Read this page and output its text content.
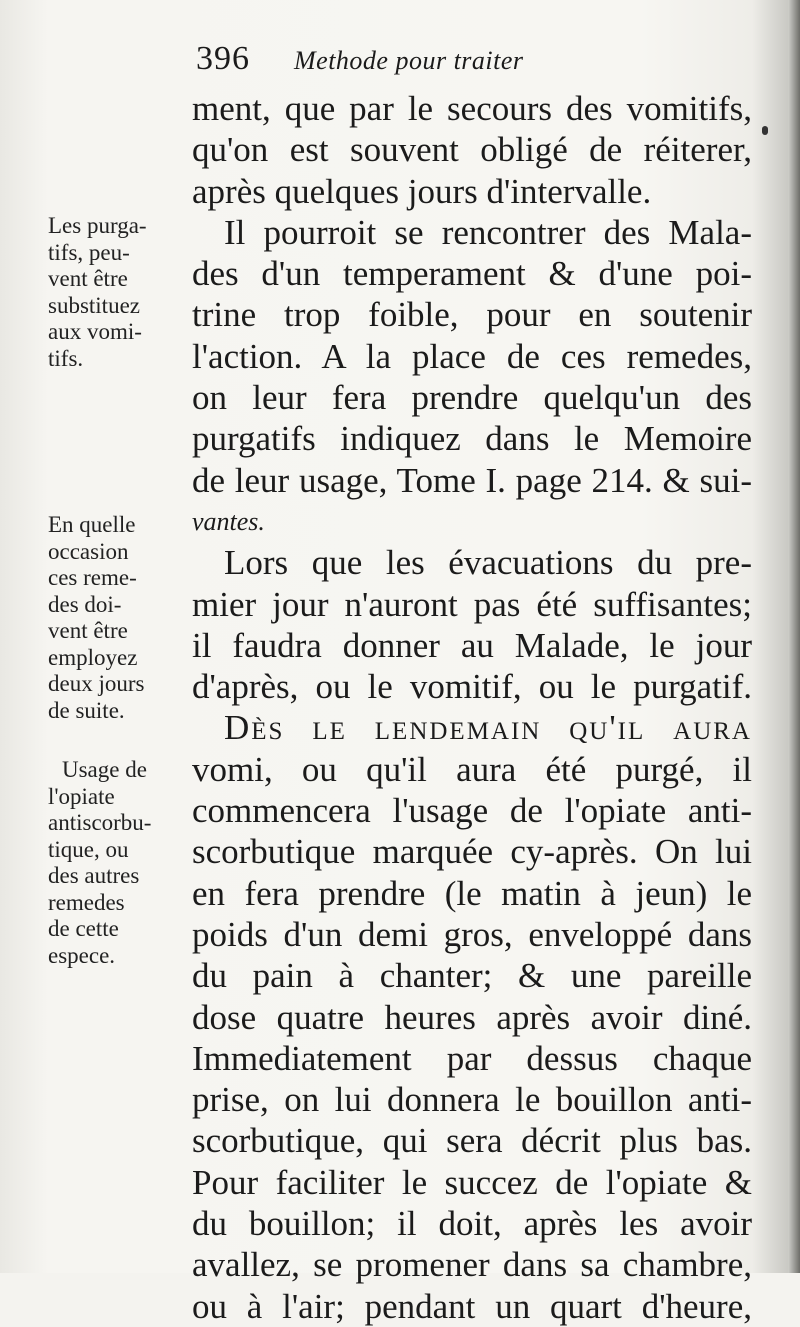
396 Methode pour traiter
ment, que par le secours des vomitifs,
qu'on est souvent obligé de réiterer,
après quelques jours d'intervalle.
Il pourroit se rencontrer des Mala-
des d'un temperament & d'une poi-
trine trop foible, pour en soutenir
l'action. A la place de ces remedes,
on leur fera prendre quelqu'un des
purgatifs indiquez dans le Memoire
de leur usage, Tome I. page 214. & sui-
vantes.
Lors que les évacuations du pre-
mier jour n'auront pas été suffisantes;
il faudra donner au Malade, le jour
d'après, ou le vomitif, ou le purgatif.
Dès le lendemain qu'il aura
vomi, ou qu'il aura été purgé, il
commencera l'usage de l'opiate anti-
scorbutique marquée cy-après. On lui
en fera prendre (le matin à jeun) le
poids d'un demi gros, enveloppé dans
du pain à chanter; & une pareille
dose quatre heures après avoir diné.
Immediatement par dessus chaque
prise, on lui donnera le bouillon anti-
scorbutique, qui sera décrit plus bas.
Pour faciliter le succez de l'opiate &
du bouillon; il doit, après les avoir
avallez, se promener dans sa chambre,
ou à l'air; pendant un quart d'heure,
Les purga-
tifs, peu-
vent être
substituez
aux vomi-
tifs.
En quelle
occasion
ces reme-
des doi-
vent être
employez
deux jours
de suite.
Usage de
l'opiate
antiscorbu-
tique, ou
des autres
remedes
de cette
espece.
